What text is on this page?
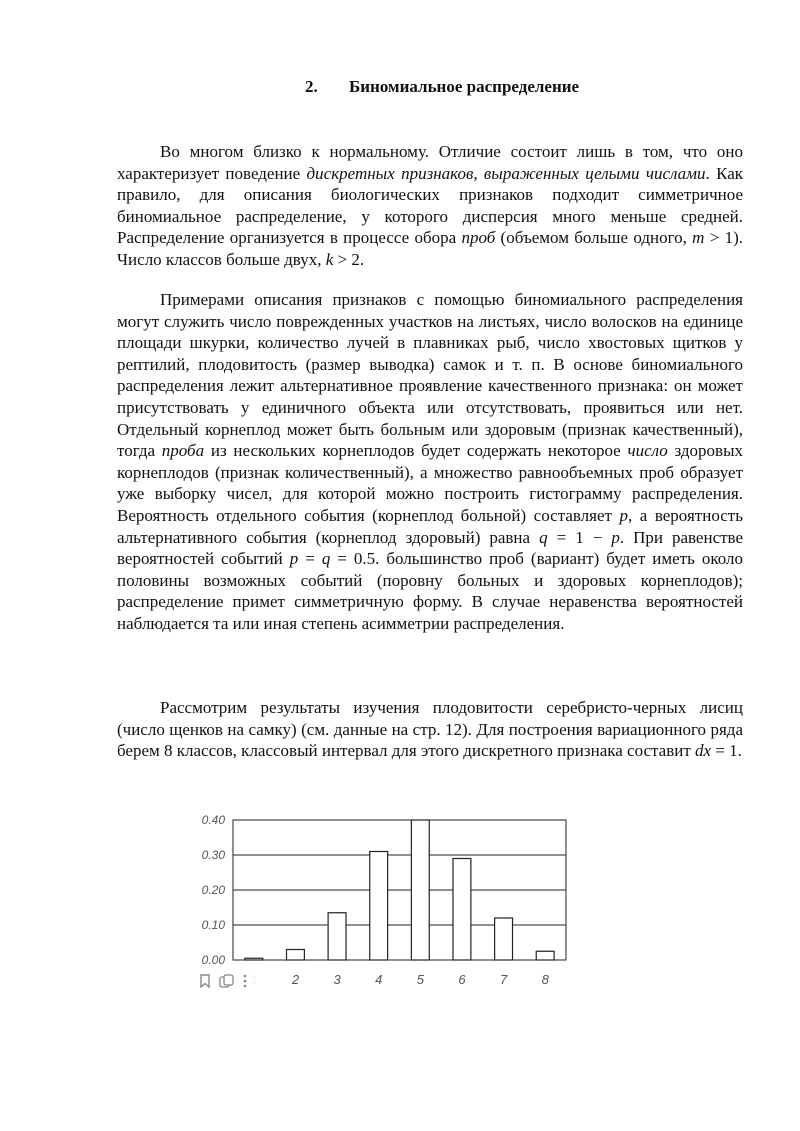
2. Биномиальное распределение

Во многом близко к нормальному. Отличие состоит лишь в том, что оно характеризует поведение дискретных признаков, выраженных целыми числами. Как правило, для описания биологических признаков подходит симметричное биномиальное распределение, у которого дисперсия много меньше средней. Распределение организуется в процессе обора проб (объемом больше одного, m > 1). Число классов больше двух, k > 2.

Примерами описания признаков с помощью биномиального распределения могут служить число поврежденных участков на листьях, число волосков на единице площади шкурки, количество лучей в плавниках рыб, число хвостовых щитков у рептилий, плодовитость (размер выводка) самок и т. п. В основе биномиального распределения лежит альтернативное проявление качественного признака: он может присутствовать у единичного объекта или отсутствовать, проявиться или нет. Отдельный корнеплод может быть больным или здоровым (признак качественный), тогда проба из нескольких корнеплодов будет содержать некоторое число здоровых корнеплодов (признак количественный), а множество равнообъемных проб образует уже выборку чисел, для которой можно построить гистограмму распределения. Вероятность отдельного события (корнеплод больной) составляет p, а вероятность альтернативного события (корнеплод здоровый) равна q = 1 − p. При равенстве вероятностей событий p = q = 0.5. большинство проб (вариант) будет иметь около половины возможных событий (поровну больных и здоровых корнеплодов); распределение примет симметричную форму. В случае неравенства вероятностей наблюдается та или иная степень асимметрии распределения.

Рассмотрим результаты изучения плодовитости серебристо-черных лисиц (число щенков на самку) (см. данные на стр. 12). Для построения вариационного ряда берем 8 классов, классовый интервал для этого дискретного признака составит dx = 1.

0.00
0.10
0.20
0.30
0.40
2	3	4	5	6	7	8
